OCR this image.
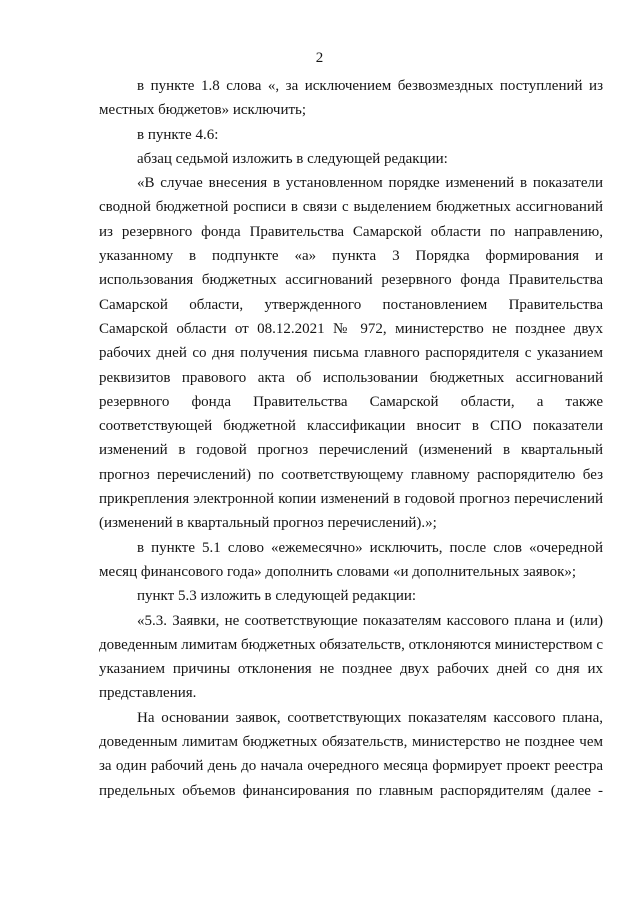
2

в пункте 1.8 слова «, за исключением безвозмездных поступлений из местных бюджетов» исключить;

в пункте 4.6:

абзац седьмой изложить в следующей редакции:

«В случае внесения в установленном порядке изменений в показатели сводной бюджетной росписи в связи с выделением бюджетных ассигнований из резервного фонда Правительства Самарской области по направлению, указанному в подпункте «а» пункта 3 Порядка формирования и использования бюджетных ассигнований резервного фонда Правительства Самарской области, утвержденного постановлением Правительства Самарской области от 08.12.2021 № 972, министерство не позднее двух рабочих дней со дня получения письма главного распорядителя с указанием реквизитов правового акта об использовании бюджетных ассигнований резервного фонда Правительства Самарской области, а также соответствующей бюджетной классификации вносит в СПО показатели изменений в годовой прогноз перечислений (изменений в квартальный прогноз перечислений) по соответствующему главному распорядителю без прикрепления электронной копии изменений в годовой прогноз перечислений (изменений в квартальный прогноз перечислений).»;

в пункте 5.1 слово «ежемесячно» исключить, после слов «очередной месяц финансового года» дополнить словами «и дополнительных заявок»;

пункт 5.3 изложить в следующей редакции:

«5.3. Заявки, не соответствующие показателям кассового плана и (или) доведенным лимитам бюджетных обязательств, отклоняются министерством с указанием причины отклонения не позднее двух рабочих дней со дня их представления.

На основании заявок, соответствующих показателям кассового плана, доведенным лимитам бюджетных обязательств, министерство не позднее чем за один рабочий день до начала очередного месяца формирует проект реестра предельных объемов финансирования по главным распорядителям (далее -
